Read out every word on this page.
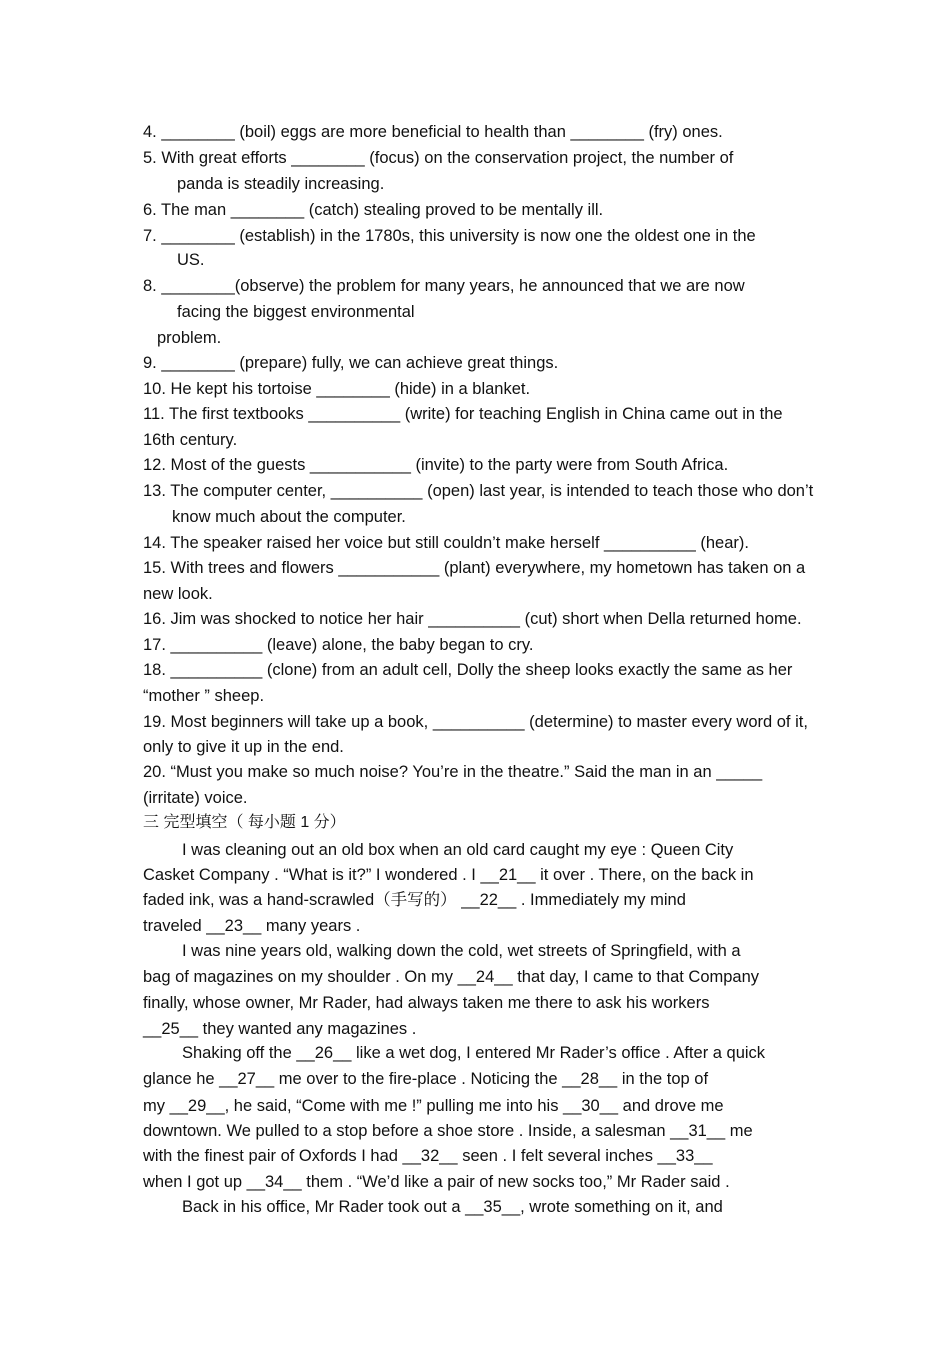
4. ________ (boil) eggs are more beneficial to health than ________ (fry) ones.

5. With great efforts ________ (focus) on the conservation project, the number of

panda is steadily increasing.

6. The man ________ (catch) stealing proved to be mentally ill.

7. ________ (establish) in the 1780s, this university is now one the oldest one in the

US.

8. ________(observe) the problem for many years, he announced that we are now

facing the biggest environmental

problem.

9. ________ (prepare) fully, we can achieve great things.

10. He kept his tortoise ________ (hide) in a blanket.

11. The first textbooks __________ (write) for teaching English in China came out in the

16th century.

12. Most of the guests ___________ (invite) to the party were from South Africa.

13. The computer center, __________ (open) last year, is intended to teach those who don’t

know much about the computer.

14. The speaker raised her voice but still couldn’t make herself __________ (hear).

15. With trees and flowers ___________ (plant) everywhere, my hometown has taken on a

new look.

16. Jim was shocked to notice her hair __________ (cut) short when Della returned home.

17. __________ (leave) alone, the baby began to cry.

18. __________ (clone) from an adult cell, Dolly the sheep looks exactly the same as her

“mother ” sheep.

19. Most beginners will take up a book, __________ (determine) to master every word of it,

only to give it up in the end.

20. “Must you make so much noise? You’re in the theatre.” Said the man in an _____

(irritate) voice.

三 完型填空（ 每小题 1 分）

I was cleaning out an old box when an old card caught my eye : Queen City

Casket Company . “What is it?” I wondered . I __21__ it over . There, on the back in

faded ink, was a hand-scrawled（手写的） __22__ . Immediately my mind

traveled __23__ many years .

I was nine years old, walking down the cold, wet streets of Springfield, with a

bag of magazines on my shoulder . On my __24__ that day, I came to that Company

finally, whose owner, Mr Rader, had always taken me there to ask his workers

__25__ they wanted any magazines .

Shaking off the __26__ like a wet dog, I entered Mr Rader’s office . After a quick

glance he __27__ me over to the fire-place . Noticing the __28__ in the top of

my __29__, he said, “Come with me !” pulling me into his __30__ and drove me

downtown. We pulled to a stop before a shoe store . Inside, a salesman __31__ me

with the finest pair of Oxfords I had __32__ seen . I felt several inches __33__

when I got up __34__ them . “We’d like a pair of new socks too,” Mr Rader said .

Back in his office, Mr Rader took out a __35__, wrote something on it, and
